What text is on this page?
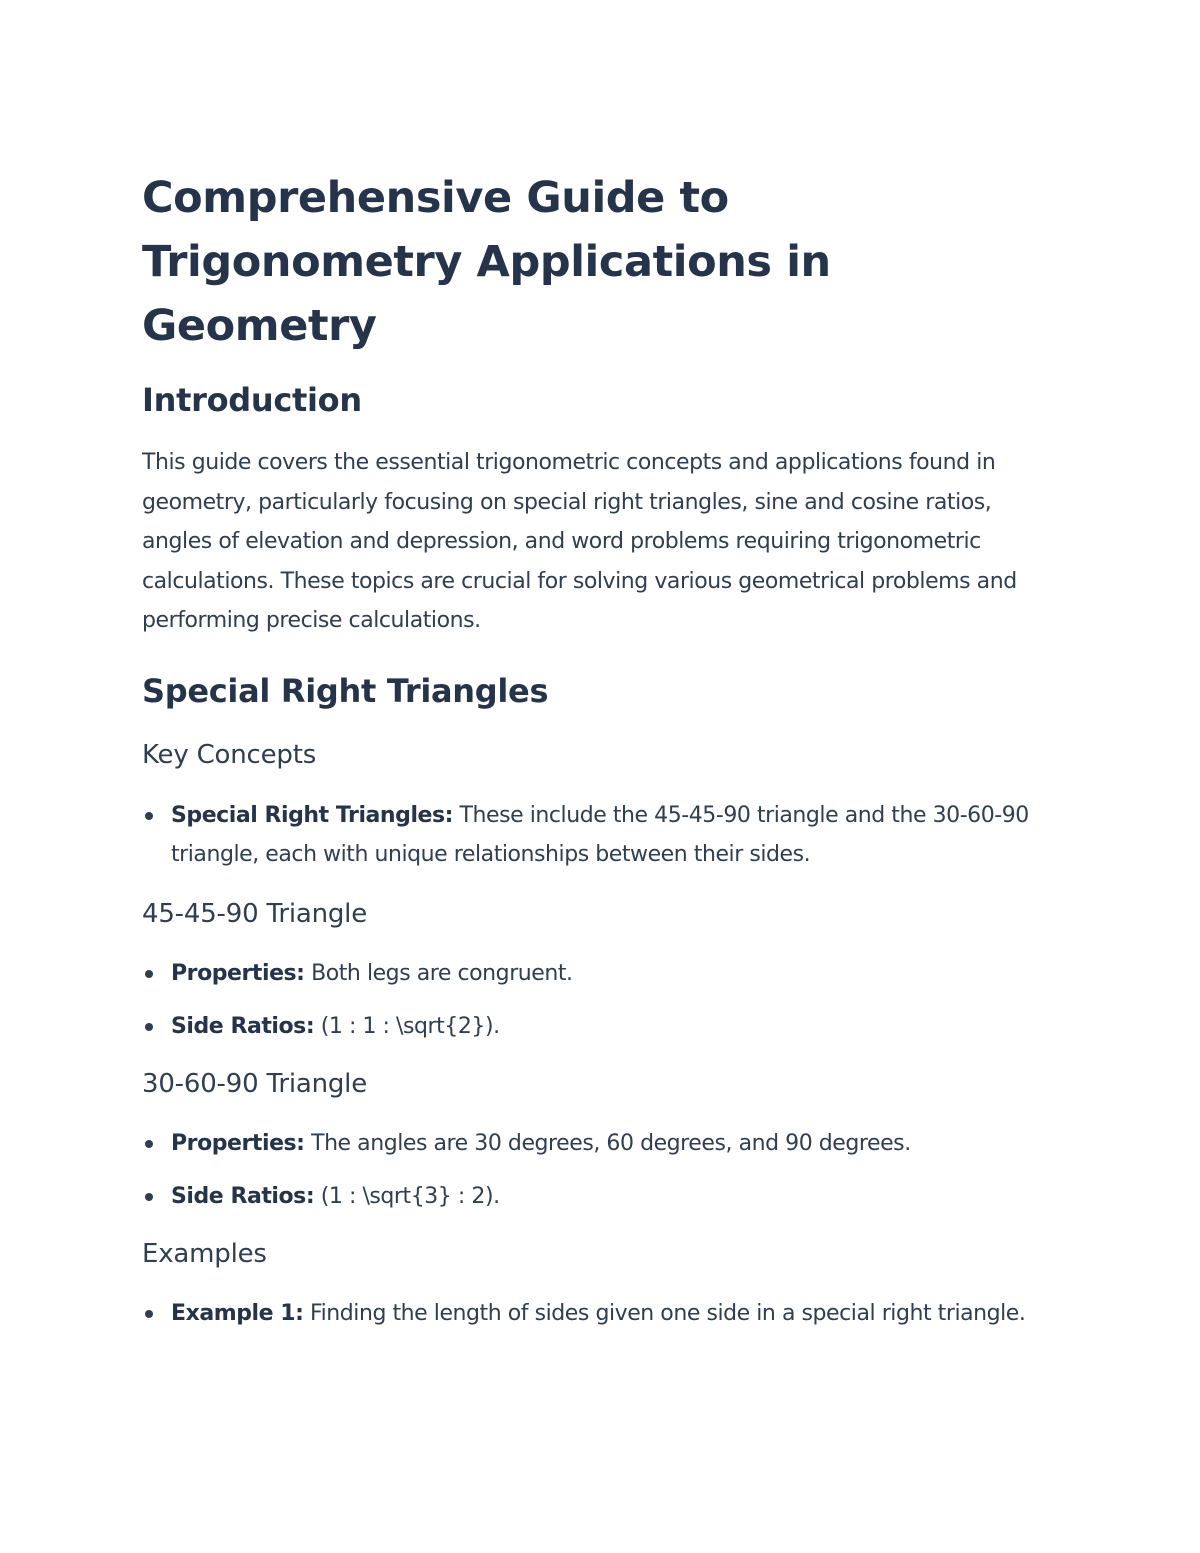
Comprehensive Guide to Trigonometry Applications in Geometry
Introduction

This guide covers the essential trigonometric concepts and applications found in geometry, particularly focusing on special right triangles, sine and cosine ratios, angles of elevation and depression, and word problems requiring trigonometric calculations. These topics are crucial for solving various geometrical problems and performing precise calculations.

Special Right Triangles
Key Concepts
Special Right Triangles: These include the 45-45-90 triangle and the 30-60-90 triangle, each with unique relationships between their sides.
45-45-90 Triangle
Properties: Both legs are congruent.
Side Ratios: (1 : 1 : \sqrt{2}).
30-60-90 Triangle
Properties: The angles are 30 degrees, 60 degrees, and 90 degrees.
Side Ratios: (1 : \sqrt{3} : 2).
Examples
Example 1: Finding the length of sides given one side in a special right triangle.
